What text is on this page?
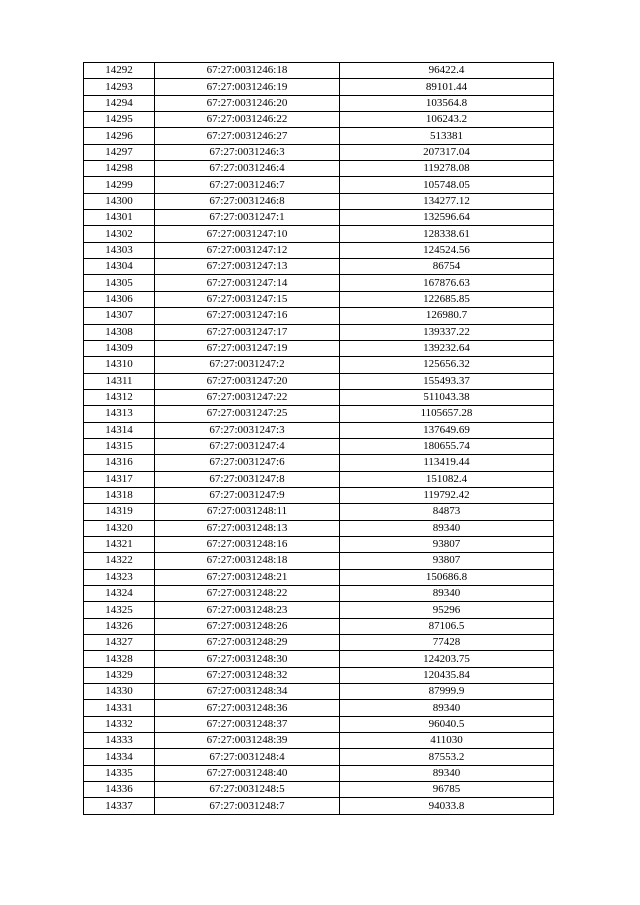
14292	67:27:0031246:18	96422.4
14293	67:27:0031246:19	89101.44
14294	67:27:0031246:20	103564.8
14295	67:27:0031246:22	106243.2
14296	67:27:0031246:27	513381
14297	67:27:0031246:3	207317.04
14298	67:27:0031246:4	119278.08
14299	67:27:0031246:7	105748.05
14300	67:27:0031246:8	134277.12
14301	67:27:0031247:1	132596.64
14302	67:27:0031247:10	128338.61
14303	67:27:0031247:12	124524.56
14304	67:27:0031247:13	86754
14305	67:27:0031247:14	167876.63
14306	67:27:0031247:15	122685.85
14307	67:27:0031247:16	126980.7
14308	67:27:0031247:17	139337.22
14309	67:27:0031247:19	139232.64
14310	67:27:0031247:2	125656.32
14311	67:27:0031247:20	155493.37
14312	67:27:0031247:22	511043.38
14313	67:27:0031247:25	1105657.28
14314	67:27:0031247:3	137649.69
14315	67:27:0031247:4	180655.74
14316	67:27:0031247:6	113419.44
14317	67:27:0031247:8	151082.4
14318	67:27:0031247:9	119792.42
14319	67:27:0031248:11	84873
14320	67:27:0031248:13	89340
14321	67:27:0031248:16	93807
14322	67:27:0031248:18	93807
14323	67:27:0031248:21	150686.8
14324	67:27:0031248:22	89340
14325	67:27:0031248:23	95296
14326	67:27:0031248:26	87106.5
14327	67:27:0031248:29	77428
14328	67:27:0031248:30	124203.75
14329	67:27:0031248:32	120435.84
14330	67:27:0031248:34	87999.9
14331	67:27:0031248:36	89340
14332	67:27:0031248:37	96040.5
14333	67:27:0031248:39	411030
14334	67:27:0031248:4	87553.2
14335	67:27:0031248:40	89340
14336	67:27:0031248:5	96785
14337	67:27:0031248:7	94033.8
